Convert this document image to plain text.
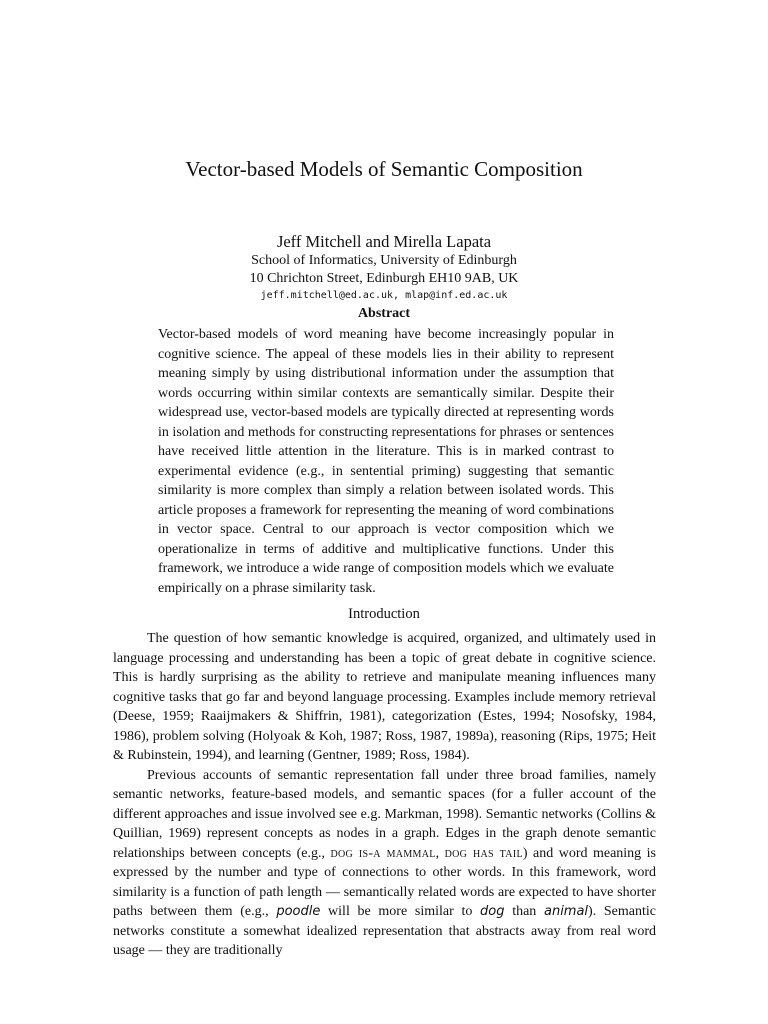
Vector-based Models of Semantic Composition
Jeff Mitchell and Mirella Lapata
School of Informatics, University of Edinburgh
10 Chrichton Street, Edinburgh EH10 9AB, UK
jeff.mitchell@ed.ac.uk, mlap@inf.ed.ac.uk
Abstract
Vector-based models of word meaning have become increasingly popular in cognitive science. The appeal of these models lies in their ability to represent meaning simply by using distributional information under the assumption that words occurring within similar contexts are semantically similar. Despite their widespread use, vector-based models are typically directed at representing words in isolation and methods for constructing representations for phrases or sentences have received little attention in the literature. This is in marked contrast to experimental evidence (e.g., in sentential priming) suggesting that semantic similarity is more complex than simply a relation between isolated words. This article proposes a framework for representing the meaning of word combinations in vector space. Central to our approach is vector composition which we operationalize in terms of additive and multiplicative functions. Under this framework, we introduce a wide range of composition models which we evaluate empirically on a phrase similarity task.
Introduction

The question of how semantic knowledge is acquired, organized, and ultimately used in language processing and understanding has been a topic of great debate in cognitive science. This is hardly surprising as the ability to retrieve and manipulate meaning influences many cognitive tasks that go far and beyond language processing. Examples include memory retrieval (Deese, 1959; Raaijmakers & Shiffrin, 1981), categorization (Estes, 1994; Nosofsky, 1984, 1986), problem solving (Holyoak & Koh, 1987; Ross, 1987, 1989a), reasoning (Rips, 1975; Heit & Rubinstein, 1994), and learning (Gentner, 1989; Ross, 1984).

Previous accounts of semantic representation fall under three broad families, namely semantic networks, feature-based models, and semantic spaces (for a fuller account of the different approaches and issue involved see e.g. Markman, 1998). Semantic networks (Collins & Quillian, 1969) represent concepts as nodes in a graph. Edges in the graph denote semantic relationships between concepts (e.g., dog is-a mammal, dog has tail) and word meaning is expressed by the number and type of connections to other words. In this framework, word similarity is a function of path length — semantically related words are expected to have shorter paths between them (e.g., poodle will be more similar to dog than animal). Semantic networks constitute a somewhat idealized representation that abstracts away from real word usage — they are traditionally
